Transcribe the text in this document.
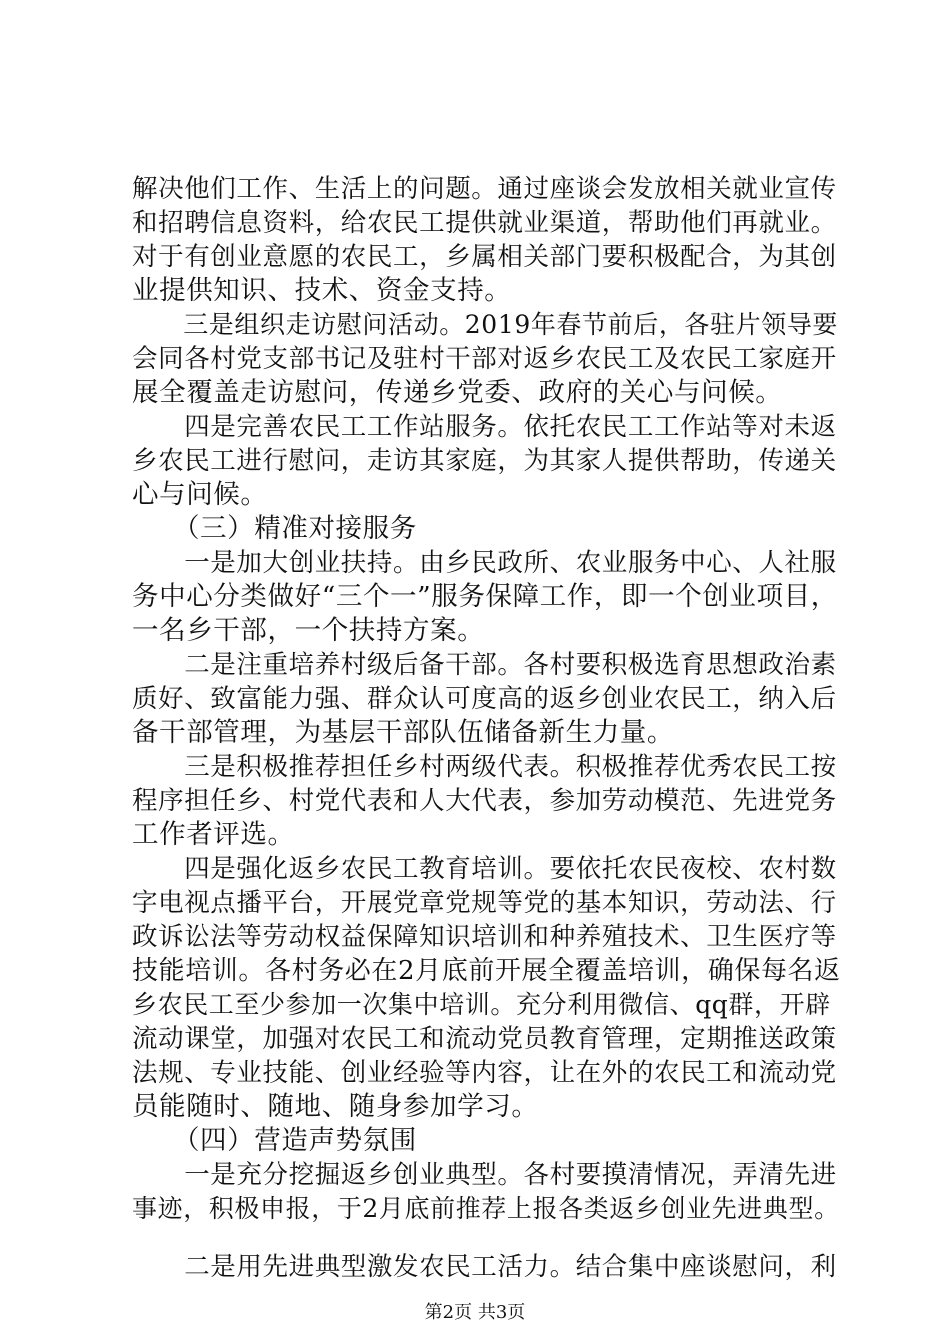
解决他们工作、生活上的问题。通过座谈会发放相关就业宣传
和招聘信息资料，给农民工提供就业渠道，帮助他们再就业。
对于有创业意愿的农民工，乡属相关部门要积极配合，为其创
业提供知识、技术、资金支持。
　　三是组织走访慰问活动。2019年春节前后，各驻片领导要
会同各村党支部书记及驻村干部对返乡农民工及农民工家庭开
展全覆盖走访慰问，传递乡党委、政府的关心与问候。
　　四是完善农民工工作站服务。依托农民工工作站等对未返
乡农民工进行慰问，走访其家庭，为其家人提供帮助，传递关
心与问候。
　　（三）精准对接服务
　　一是加大创业扶持。由乡民政所、农业服务中心、人社服
务中心分类做好“三个一”服务保障工作，即一个创业项目，
一名乡干部，一个扶持方案。
　　二是注重培养村级后备干部。各村要积极选育思想政治素
质好、致富能力强、群众认可度高的返乡创业农民工，纳入后
备干部管理，为基层干部队伍储备新生力量。
　　三是积极推荐担任乡村两级代表。积极推荐优秀农民工按
程序担任乡、村党代表和人大代表，参加劳动模范、先进党务
工作者评选。
　　四是强化返乡农民工教育培训。要依托农民夜校、农村数
字电视点播平台，开展党章党规等党的基本知识，劳动法、行
政诉讼法等劳动权益保障知识培训和种养殖技术、卫生医疗等
技能培训。各村务必在2月底前开展全覆盖培训，确保每名返
乡农民工至少参加一次集中培训。充分利用微信、qq群，开辟
流动课堂，加强对农民工和流动党员教育管理，定期推送政策
法规、专业技能、创业经验等内容，让在外的农民工和流动党
员能随时、随地、随身参加学习。
　　（四）营造声势氛围
　　一是充分挖掘返乡创业典型。各村要摸清情况，弄清先进
事迹，积极申报，于2月底前推荐上报各类返乡创业先进典型。
　　二是用先进典型激发农民工活力。结合集中座谈慰问，利
第2页 共3页
